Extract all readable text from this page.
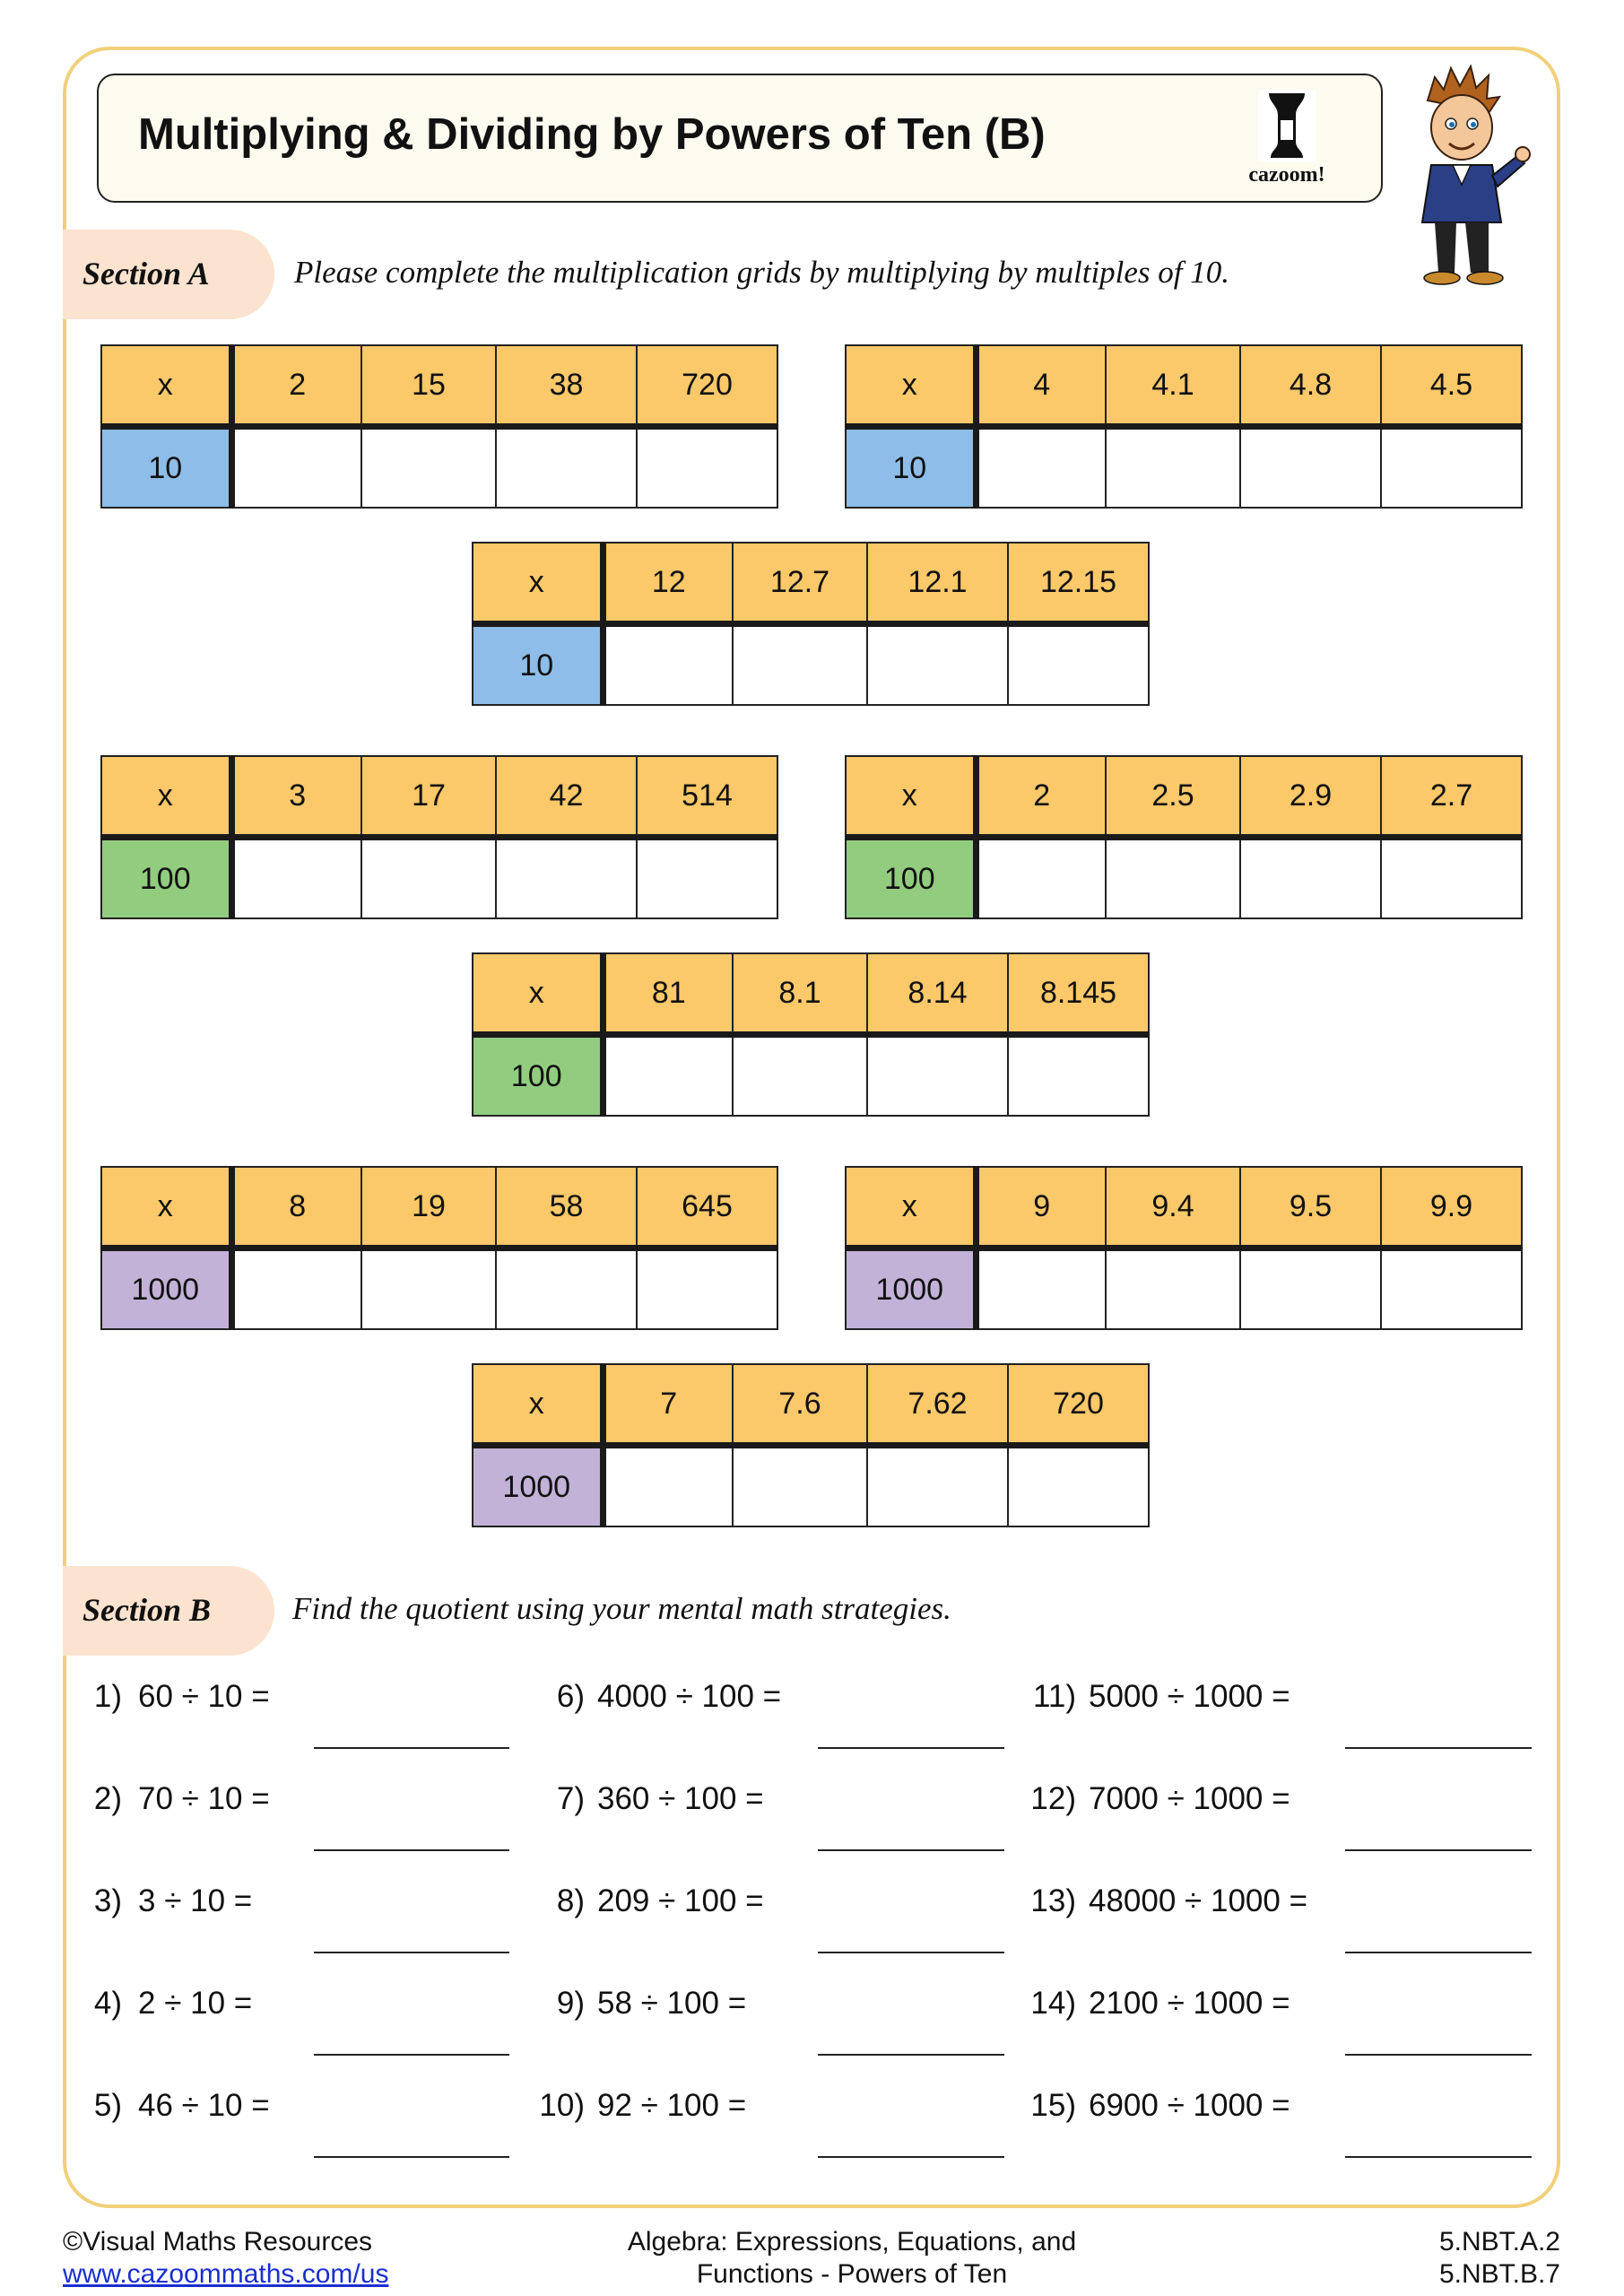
Multiplying & Dividing by Powers of Ten (B)
cazoom!
Section A	Please complete the multiplication grids by multiplying by multiples of 10.
x	2	15	38	720
10				
x	4	4.1	4.8	4.5
10				
x	12	12.7	12.1	12.15
10				
x	3	17	42	514
100				
x	2	2.5	2.9	2.7
100				
x	81	8.1	8.14	8.145
100				
x	8	19	58	645
1000				
x	9	9.4	9.5	9.9
1000				
x	7	7.6	7.62	720
1000				
Section B	Find the quotient using your mental math strategies.
1) 60 ÷ 10 =
2) 70 ÷ 10 =
3) 3 ÷ 10 =
4) 2 ÷ 10 =
5) 46 ÷ 10 =
6) 4000 ÷ 100 =
7) 360 ÷ 100 =
8) 209 ÷ 100 =
9) 58 ÷ 100 =
10) 92 ÷ 100 =
11) 5000 ÷ 1000 =
12) 7000 ÷ 1000 =
13) 48000 ÷ 1000 =
14) 2100 ÷ 1000 =
15) 6900 ÷ 1000 =
©Visual Maths Resources
www.cazoommaths.com/us
Algebra: Expressions, Equations, and
Functions - Powers of Ten
5.NBT.A.2
5.NBT.B.7
